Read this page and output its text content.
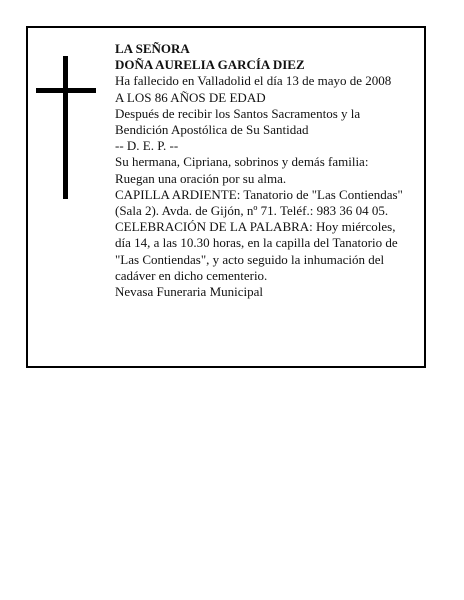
LA SEÑORA
DOÑA AURELIA GARCÍA DIEZ
Ha fallecido en Valladolid el día 13 de mayo de 2008
A LOS 86 AÑOS DE EDAD
Después de recibir los Santos Sacramentos y la
Bendición Apostólica de Su Santidad
-- D. E. P. --
Su hermana, Cipriana, sobrinos y demás familia:
Ruegan una oración por su alma.
CAPILLA ARDIENTE: Tanatorio de "Las Contiendas"
(Sala 2). Avda. de Gijón, nº 71. Teléf.: 983 36 04 05.
CELEBRACIÓN DE LA PALABRA: Hoy miércoles,
día 14, a las 10.30 horas, en la capilla del Tanatorio de
"Las Contiendas", y acto seguido la inhumación del
cadáver en dicho cementerio.
Nevasa Funeraria Municipal
